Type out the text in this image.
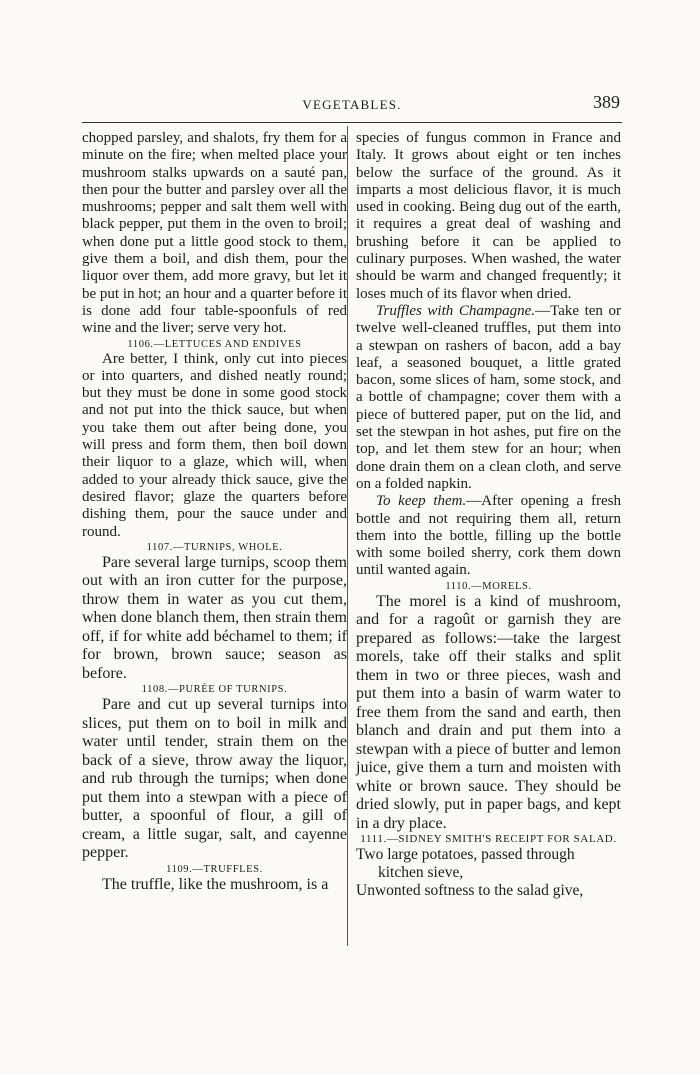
VEGETABLES.	389

chopped parsley, and shalots, fry them for a minute on the fire; when melted place your mushroom stalks upwards on a sauté pan, then pour the butter and parsley over all the mushrooms; pepper and salt them well with black pepper, put them in the oven to broil; when done put a little good stock to them, give them a boil, and dish them, pour the liquor over them, add more gravy, but let it be put in hot; an hour and a quarter before it is done add four table-spoonfuls of red wine and the liver; serve very hot.

1106.—LETTUCES AND ENDIVES

Are better, I think, only cut into pieces or into quarters, and dished neatly round; but they must be done in some good stock and not put into the thick sauce, but when you take them out after being done, you will press and form them, then boil down their liquor to a glaze, which will, when added to your already thick sauce, give the desired flavor; glaze the quarters before dishing them, pour the sauce under and round.

1107.—TURNIPS, WHOLE.

Pare several large turnips, scoop them out with an iron cutter for the purpose, throw them in water as you cut them, when done blanch them, then strain them off, if for white add béchamel to them; if for brown, brown sauce; season as before.

1108.—PURÉE OF TURNIPS.

Pare and cut up several turnips into slices, put them on to boil in milk and water until tender, strain them on the back of a sieve, throw away the liquor, and rub through the turnips; when done put them into a stewpan with a piece of butter, a spoonful of flour, a gill of cream, a little sugar, salt, and cayenne pepper.

1109.—TRUFFLES.

The truffle, like the mushroom, is a

species of fungus common in France and Italy. It grows about eight or ten inches below the surface of the ground. As it imparts a most delicious flavor, it is much used in cooking. Being dug out of the earth, it requires a great deal of washing and brushing before it can be applied to culinary purposes. When washed, the water should be warm and changed frequently; it loses much of its flavor when dried.

Truffles with Champagne.—Take ten or twelve well-cleaned truffles, put them into a stewpan on rashers of bacon, add a bay leaf, a seasoned bouquet, a little grated bacon, some slices of ham, some stock, and a bottle of champagne; cover them with a piece of buttered paper, put on the lid, and set the stewpan in hot ashes, put fire on the top, and let them stew for an hour; when done drain them on a clean cloth, and serve on a folded napkin.

To keep them.—After opening a fresh bottle and not requiring them all, return them into the bottle, filling up the bottle with some boiled sherry, cork them down until wanted again.

1110.—MORELS.

The morel is a kind of mushroom, and for a ragoût or garnish they are prepared as follows:—take the largest morels, take off their stalks and split them in two or three pieces, wash and put them into a basin of warm water to free them from the sand and earth, then blanch and drain and put them into a stewpan with a piece of butter and lemon juice, give them a turn and moisten with white or brown sauce. They should be dried slowly, put in paper bags, and kept in a dry place.

1111.—SIDNEY SMITH'S RECEIPT FOR SALAD.

Two large potatoes, passed through

kitchen sieve,

Unwonted softness to the salad give,
